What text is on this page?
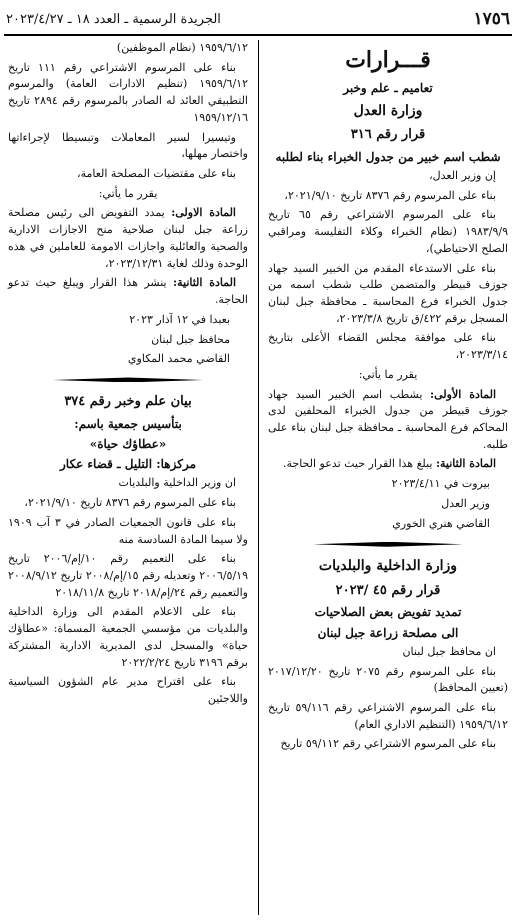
١٧٥٦
الجريدة الرسمية ـ العدد ١٨ ـ ٢٠٢٣/٤/٢٧
قـــرارات
تعاميم ـ علم وخبر
وزارة العدل
قرار رقم ٣١٦
شطب اسم خبير من جدول الخبراء بناء لطلبه

إن وزير العدل،

بناء على المرسوم رقم ٨٣٧٦ تاريخ ٢٠٢١/٩/١٠،

بناء على المرسوم الاشتراعي رقم ٦٥ تاريخ ١٩٨٣/٩/٩ (نظام الخبراء وكلاء التفليسة ومراقبي الصلح الاحتياطي)،

بناء على الاستدعاء المقدم من الخبير السيد جهاد جوزف قبيطر والمتضمن طلب شطب اسمه من جدول الخبراء فرع المحاسبة ـ محافظة جبل لبنان المسجل برقم ٤٢٢/ق تاريخ ٢٠٢٣/٣/٨،

بناء على موافقة مجلس القضاء الأعلى بتاريخ ٢٠٢٣/٣/١٤،

يقرر ما يأتي:

المادة الأولى: يشطب اسم الخبير السيد جهاد جوزف قبيطر من جدول الخبراء المحلفين لدى المحاكم فرع المحاسبة ـ محافظة جبل لبنان بناء على طلبه.

المادة الثانية: يبلغ هذا القرار حيث تدعو الحاجة.

بيروت في ٢٠٢٣/٤/١١

وزير العدل

القاضي هنري الخوري

وزارة الداخلية والبلديات
قرار رقم ٤٥ /٢٠٢٣
تمديد تفويض بعض الصلاحيات
الى مصلحة زراعة جبل لبنان

ان محافظ جبل لبنان

بناء على المرسوم رقم ٢٠٧٥ تاريخ ٢٠١٧/١٢/٢٠ (تعيين المحافظ)

بناء على المرسوم الاشتراعي رقم ٥٩/١١٦ تاريخ ١٩٥٩/٦/١٢ (التنظيم الاداري العام)

بناء على المرسوم الاشتراعي رقم ٥٩/١١٢ تاريخ

١٩٥٩/٦/١٢ (نظام الموظفين)

بناء على المرسوم الاشتراعي رقم ١١١ تاريخ ١٩٥٩/٦/١٢ (تنظيم الادارات العامة) والمرسوم التطبيقي العائد له الصادر بالمرسوم رقم ٢٨٩٤ تاريخ ١٩٥٩/١٢/١٦

وتيسيرا لسير المعاملات وتبسيطا لإجراءاتها واختصار مهلها،

بناء على مقتضيات المصلحة العامة،

يقرر ما يأتي:

المادة الاولى: يمدد التفويض الى رئيس مصلحة زراعة جبل لبنان صلاحية منح الاجازات الادارية والصحية والعائلية واجازات الامومة للعاملين في هذه الوحدة وذلك لغاية ٢٠٢٣/١٢/٣١،

المادة الثانية: ينشر هذا القرار ويبلغ حيث تدعو الحاجة.

بعبدا في ١٢ آذار ٢٠٢٣

محافظ جبل لبنان

القاضي محمد المكاوي

بيان علم وخبر رقم ٣٧٤
بتأسيس جمعية باسم:
«عطاؤك حياة»
مركزها: التليل ـ قضاء عكار

ان وزير الداخلية والبلديات

بناء على المرسوم رقم ٨٣٧٦ تاريخ ٢٠٢١/٩/١٠،

بناء على قانون الجمعيات الصادر في ٣ آب ١٩٠٩ ولا سيما المادة السادسة منه

بناء على التعميم رقم ١٠/إم/٢٠٠٦ تاريخ ٢٠٠٦/٥/١٩ وتعديله رقم ١٥/إم/٢٠٠٨ تاريخ ٢٠٠٨/٩/١٢ والتعميم رقم ٢٤/إم/٢٠١٨ تاريخ ٢٠١٨/١١/٨

بناء على الاعلام المقدم الى وزارة الداخلية والبلديات من مؤسسي الجمعية المسماة: «عطاؤك حياة» والمسجل لدى المديرية الادارية المشتركة برقم ٣١٩٦ تاريخ ٢٠٢٢/٢/٢٤

بناء على اقتراح مدير عام الشؤون السياسية واللاجئين
